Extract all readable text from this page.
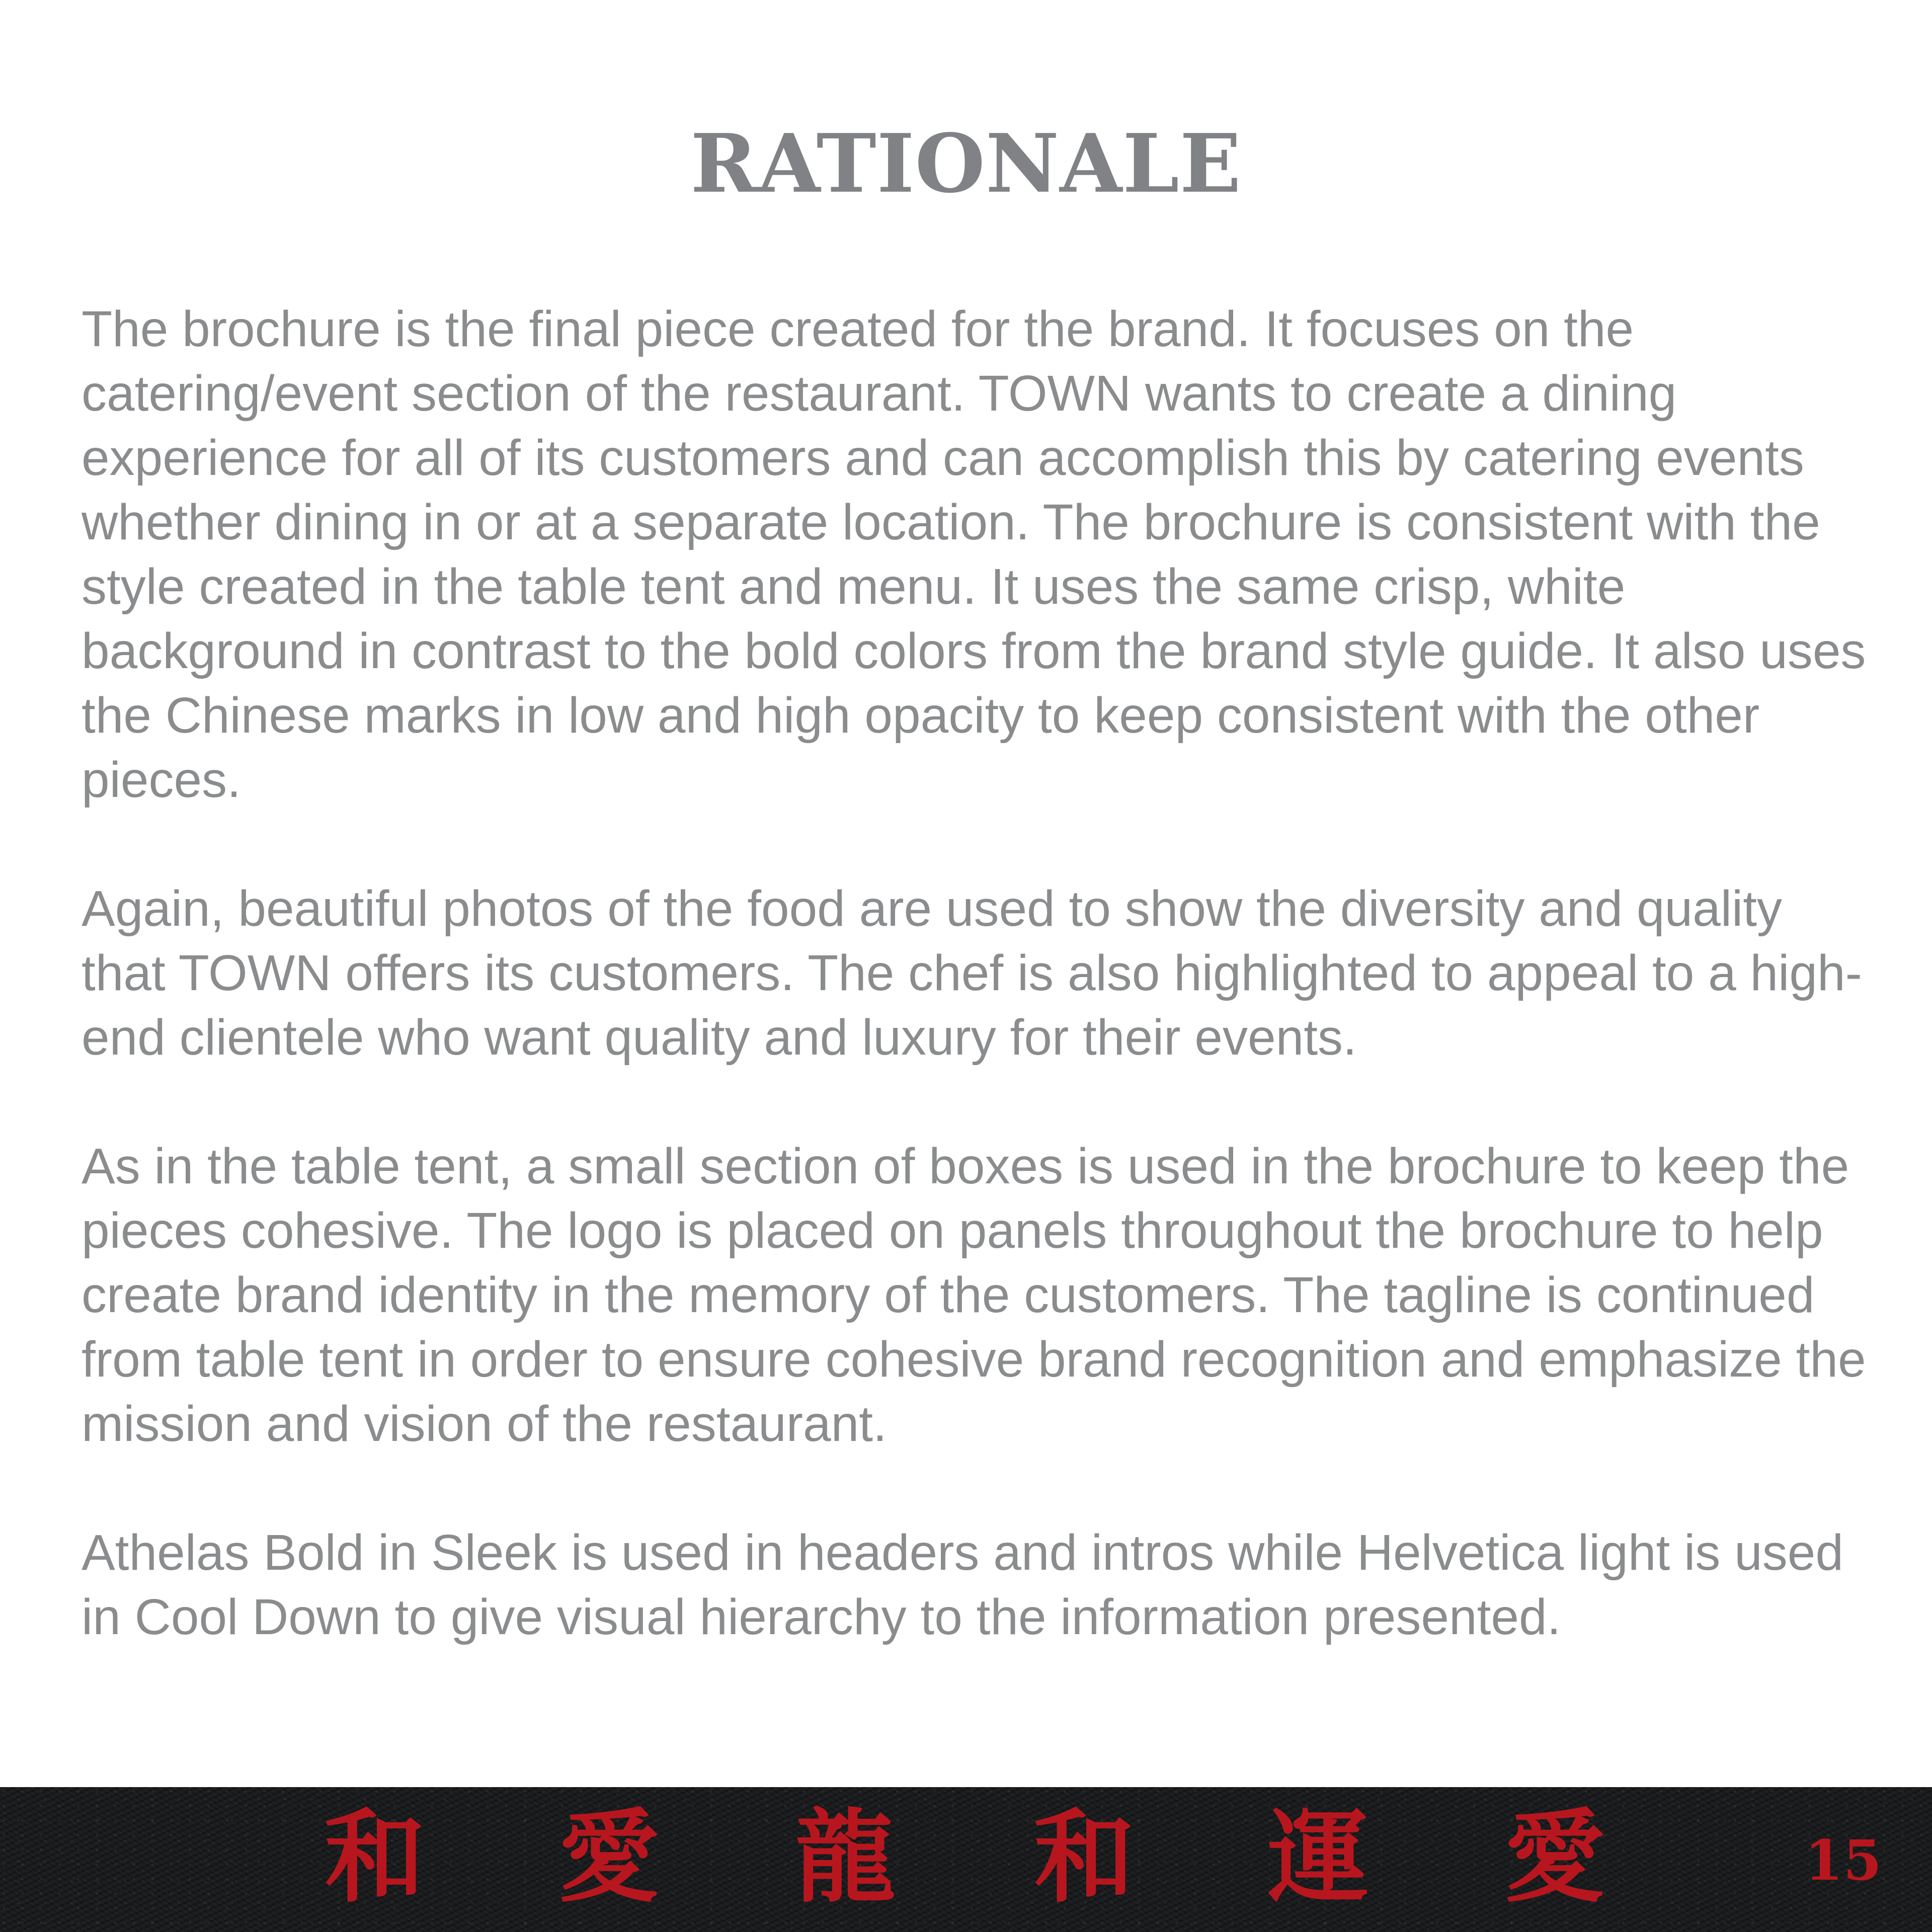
RATIONALE

The brochure is the final piece created for the brand. It focuses on the catering/event section of the restaurant. TOWN wants to create a dining experience for all of its customers and can accomplish this by catering events whether dining in or at a separate location. The brochure is consistent with the style created in the table tent and menu. It uses the same crisp, white background in contrast to the bold colors from the brand style guide. It also uses the Chinese marks in low and high opacity to keep consistent with the other pieces.

Again, beautiful photos of the food are used to show the diversity and quality that TOWN offers its customers. The chef is also highlighted to appeal to a high-end clientele who want quality and luxury for their events.

As in the table tent, a small section of boxes is used in the brochure to keep the pieces cohesive. The logo is placed on panels throughout the brochure to help create brand identity in the memory of the customers. The tagline is continued from table tent in order to ensure cohesive brand recognition and emphasize the mission and vision of the restaurant.

Athelas Bold in Sleek is used in headers and intros while Helvetica light is used in Cool Down to give visual hierarchy to the information presented.

和 愛 龍 和 運 愛	15
